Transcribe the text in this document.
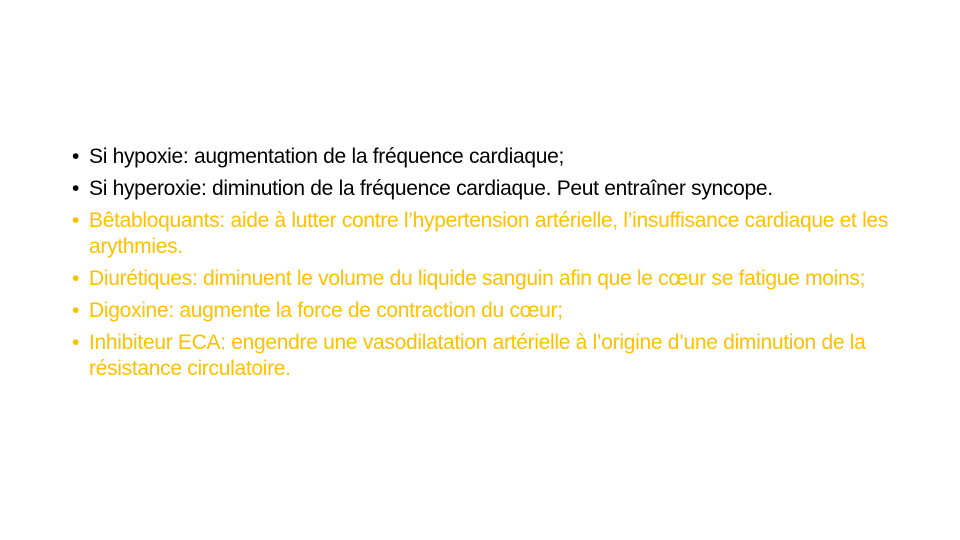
• Si hypoxie: augmentation de la fréquence cardiaque;
• Si hyperoxie: diminution de la fréquence cardiaque. Peut entraîner syncope.
• Bêtabloquants: aide à lutter contre l’hypertension artérielle, l’insuffisance cardiaque et les arythmies.
• Diurétiques: diminuent le volume du liquide sanguin afin que le cœur se fatigue moins;
• Digoxine: augmente la force de contraction du cœur;
• Inhibiteur ECA: engendre une vasodilatation artérielle à l’origine d’une diminution de la résistance circulatoire.
